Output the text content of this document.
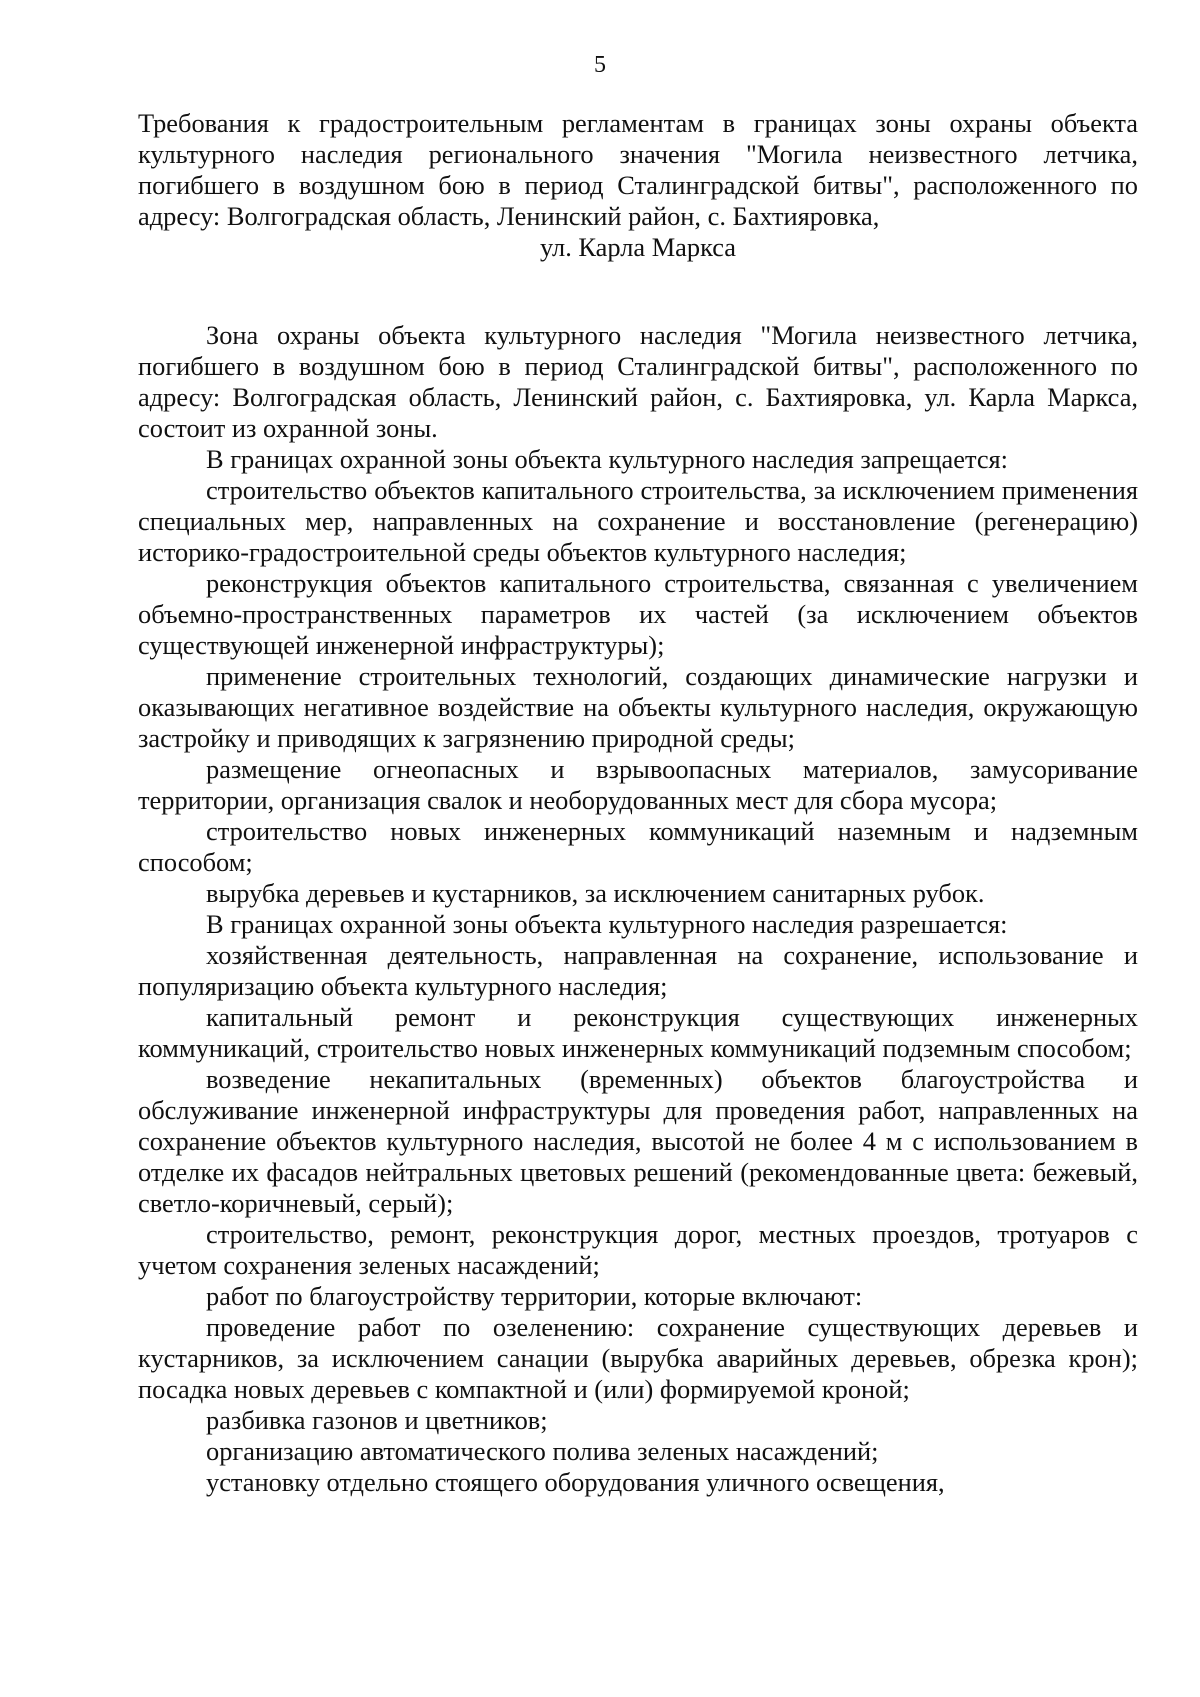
5

Требования к градостроительным регламентам в границах зоны охраны объекта культурного наследия регионального значения "Могила неизвестного летчика, погибшего в воздушном бою в период Сталинградской битвы", расположенного по адресу: Волгоградская область, Ленинский район, с. Бахтияровка,

ул. Карла Маркса

Зона охраны объекта культурного наследия "Могила неизвестного летчика, погибшего в воздушном бою в период Сталинградской битвы", расположенного по адресу: Волгоградская область, Ленинский район, с. Бахтияровка, ул. Карла Маркса, состоит из охранной зоны.

В границах охранной зоны объекта культурного наследия запрещается:

строительство объектов капитального строительства, за исключением применения специальных мер, направленных на сохранение и восстановление (регенерацию) историко-градостроительной среды объектов культурного наследия;

реконструкция объектов капитального строительства, связанная с увеличением объемно-пространственных параметров их частей (за исключением объектов существующей инженерной инфраструктуры);

применение строительных технологий, создающих динамические нагрузки и оказывающих негативное воздействие на объекты культурного наследия, окружающую застройку и приводящих к загрязнению природной среды;

размещение огнеопасных и взрывоопасных материалов, замусоривание территории, организация свалок и необорудованных мест для сбора мусора;

строительство новых инженерных коммуникаций наземным и надземным способом;

вырубка деревьев и кустарников, за исключением санитарных рубок.

В границах охранной зоны объекта культурного наследия разрешается:

хозяйственная деятельность, направленная на сохранение, использование и популяризацию объекта культурного наследия;

капитальный ремонт и реконструкция существующих инженерных коммуникаций, строительство новых инженерных коммуникаций подземным способом;

возведение некапитальных (временных) объектов благоустройства и обслуживание инженерной инфраструктуры для проведения работ, направленных на сохранение объектов культурного наследия, высотой не более 4 м с использованием в отделке их фасадов нейтральных цветовых решений (рекомендованные цвета: бежевый, светло-коричневый, серый);

строительство, ремонт, реконструкция дорог, местных проездов, тротуаров с учетом сохранения зеленых насаждений;

работ по благоустройству территории, которые включают:

проведение работ по озеленению: сохранение существующих деревьев и кустарников, за исключением санации (вырубка аварийных деревьев, обрезка крон); посадка новых деревьев с компактной и (или) формируемой кроной;

разбивка газонов и цветников;

организацию автоматического полива зеленых насаждений;

установку отдельно стоящего оборудования уличного освещения,
